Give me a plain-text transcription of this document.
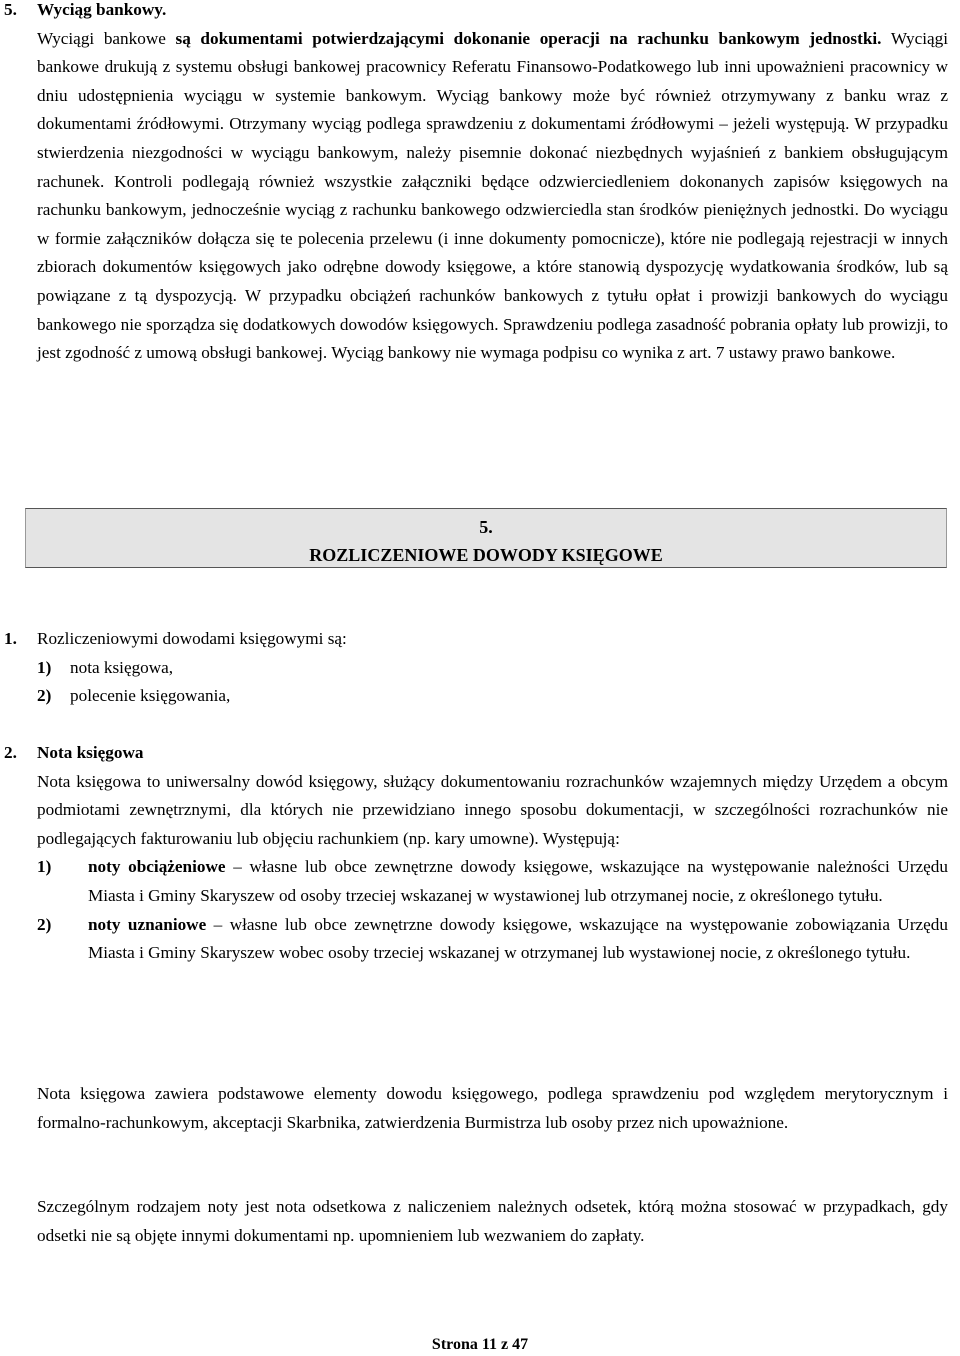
5. Wyciąg bankowy.
Wyciągi bankowe są dokumentami potwierdzającymi dokonanie operacji na rachunku bankowym jednostki. Wyciągi bankowe drukują z systemu obsługi bankowej pracownicy Referatu Finansowo-Podatkowego lub inni upoważnieni pracownicy w dniu udostępnienia wyciągu w systemie bankowym. Wyciąg bankowy może być również otrzymywany z banku wraz z dokumentami źródłowymi. Otrzymany wyciąg podlega sprawdzeniu z dokumentami źródłowymi – jeżeli występują. W przypadku stwierdzenia niezgodności w wyciągu bankowym, należy pisemnie dokonać niezbędnych wyjaśnień z bankiem obsługującym rachunek. Kontroli podlegają również wszystkie załączniki będące odzwierciedleniem dokonanych zapisów księgowych na rachunku bankowym, jednocześnie wyciąg z rachunku bankowego odzwierciedla stan środków pieniężnych jednostki. Do wyciągu w formie załączników dołącza się te polecenia przelewu (i inne dokumenty pomocnicze), które nie podlegają rejestracji w innych zbiorach dokumentów księgowych jako odrębne dowody księgowe, a które stanowią dyspozycję wydatkowania środków, lub są powiązane z tą dyspozycją. W przypadku obciążeń rachunków bankowych z tytułu opłat i prowizji bankowych do wyciągu bankowego nie sporządza się dodatkowych dowodów księgowych. Sprawdzeniu podlega zasadność pobrania opłaty lub prowizji, to jest zgodność z umową obsługi bankowej. Wyciąg bankowy nie wymaga podpisu co wynika z art. 7 ustawy prawo bankowe.
5.
ROZLICZENIOWE DOWODY KSIĘGOWE
1. Rozliczeniowymi dowodami księgowymi są:
1) nota księgowa,
2) polecenie księgowania,
2. Nota księgowa
Nota księgowa to uniwersalny dowód księgowy, służący dokumentowaniu rozrachunków wzajemnych między Urzędem a obcym podmiotami zewnętrznymi, dla których nie przewidziano innego sposobu dokumentacji, w szczególności rozrachunków nie podlegających fakturowaniu lub objęciu rachunkiem (np. kary umowne). Występują:
1) noty obciążeniowe – własne lub obce zewnętrzne dowody księgowe, wskazujące na występowanie należności Urzędu Miasta i Gminy Skaryszew od osoby trzeciej wskazanej w wystawionej lub otrzymanej nocie, z określonego tytułu.
2) noty uznaniowe – własne lub obce zewnętrzne dowody księgowe, wskazujące na występowanie zobowiązania Urzędu Miasta i Gminy Skaryszew wobec osoby trzeciej wskazanej w otrzymanej lub wystawionej nocie, z określonego tytułu.
Nota księgowa zawiera podstawowe elementy dowodu księgowego, podlega sprawdzeniu pod względem merytorycznym i formalno-rachunkowym, akceptacji Skarbnika, zatwierdzenia Burmistrza lub osoby przez nich upoważnione.
Szczególnym rodzajem noty jest nota odsetkowa z naliczeniem należnych odsetek, którą można stosować w przypadkach, gdy odsetki nie są objęte innymi dokumentami np. upomnieniem lub wezwaniem do zapłaty.
Strona 11 z 47
